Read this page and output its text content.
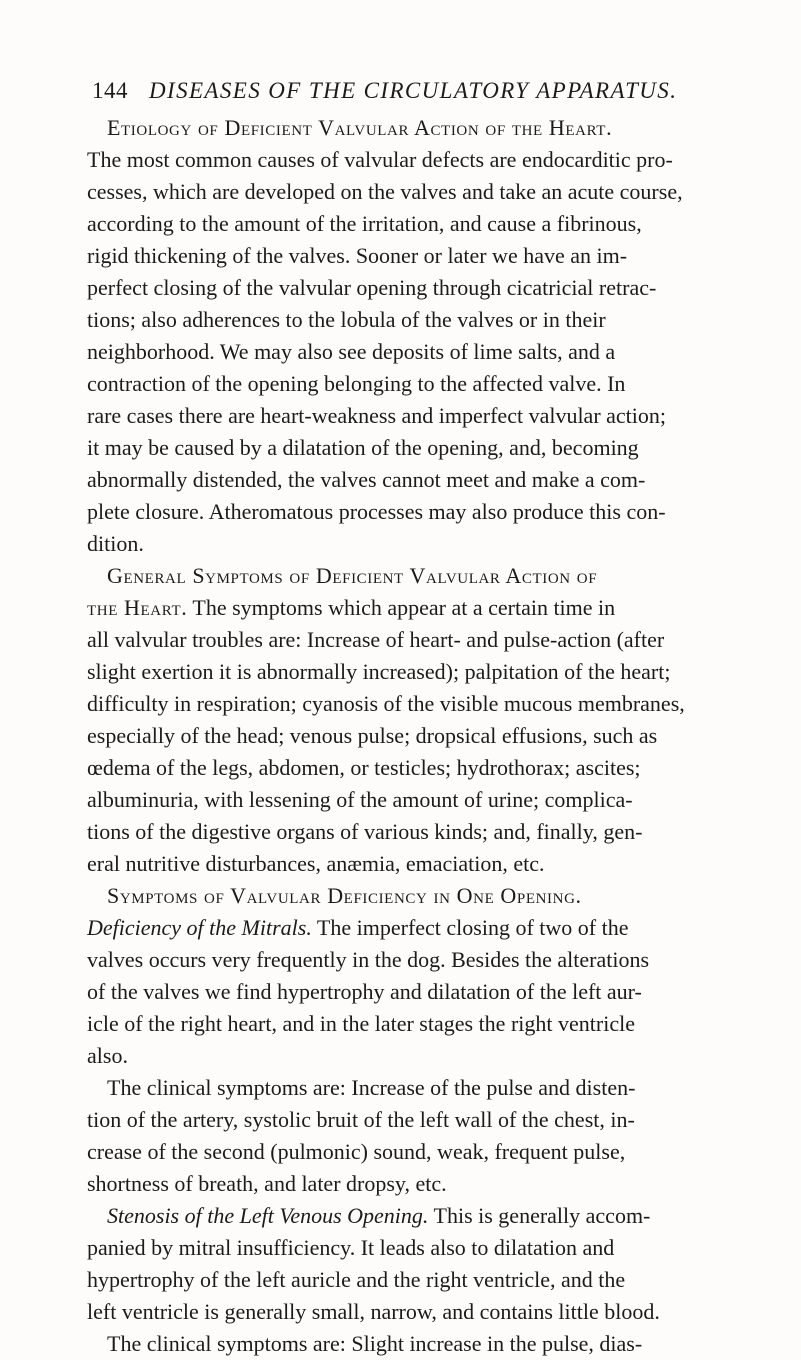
144 DISEASES OF THE CIRCULATORY APPARATUS.
Etiology of Deficient Valvular Action of the Heart.
The most common causes of valvular defects are endocarditic pro-
cesses, which are developed on the valves and take an acute course,
according to the amount of the irritation, and cause a fibrinous,
rigid thickening of the valves. Sooner or later we have an im-
perfect closing of the valvular opening through cicatricial retrac-
tions; also adherences to the lobula of the valves or in their
neighborhood. We may also see deposits of lime salts, and a
contraction of the opening belonging to the affected valve. In
rare cases there are heart-weakness and imperfect valvular action;
it may be caused by a dilatation of the opening, and, becoming
abnormally distended, the valves cannot meet and make a com-
plete closure. Atheromatous processes may also produce this con-
dition.
General Symptoms of Deficient Valvular Action of
the Heart. The symptoms which appear at a certain time in
all valvular troubles are: Increase of heart- and pulse-action (after
slight exertion it is abnormally increased); palpitation of the heart;
difficulty in respiration; cyanosis of the visible mucous membranes,
especially of the head; venous pulse; dropsical effusions, such as
œdema of the legs, abdomen, or testicles; hydrothorax; ascites;
albuminuria, with lessening of the amount of urine; complica-
tions of the digestive organs of various kinds; and, finally, gen-
eral nutritive disturbances, anæmia, emaciation, etc.
Symptoms of Valvular Deficiency in One Opening.
Deficiency of the Mitrals. The imperfect closing of two of the
valves occurs very frequently in the dog. Besides the alterations
of the valves we find hypertrophy and dilatation of the left aur-
icle of the right heart, and in the later stages the right ventricle
also.
The clinical symptoms are: Increase of the pulse and disten-
tion of the artery, systolic bruit of the left wall of the chest, in-
crease of the second (pulmonic) sound, weak, frequent pulse,
shortness of breath, and later dropsy, etc.
Stenosis of the Left Venous Opening. This is generally accom-
panied by mitral insufficiency. It leads also to dilatation and
hypertrophy of the left auricle and the right ventricle, and the
left ventricle is generally small, narrow, and contains little blood.
The clinical symptoms are: Slight increase in the pulse, dias-
